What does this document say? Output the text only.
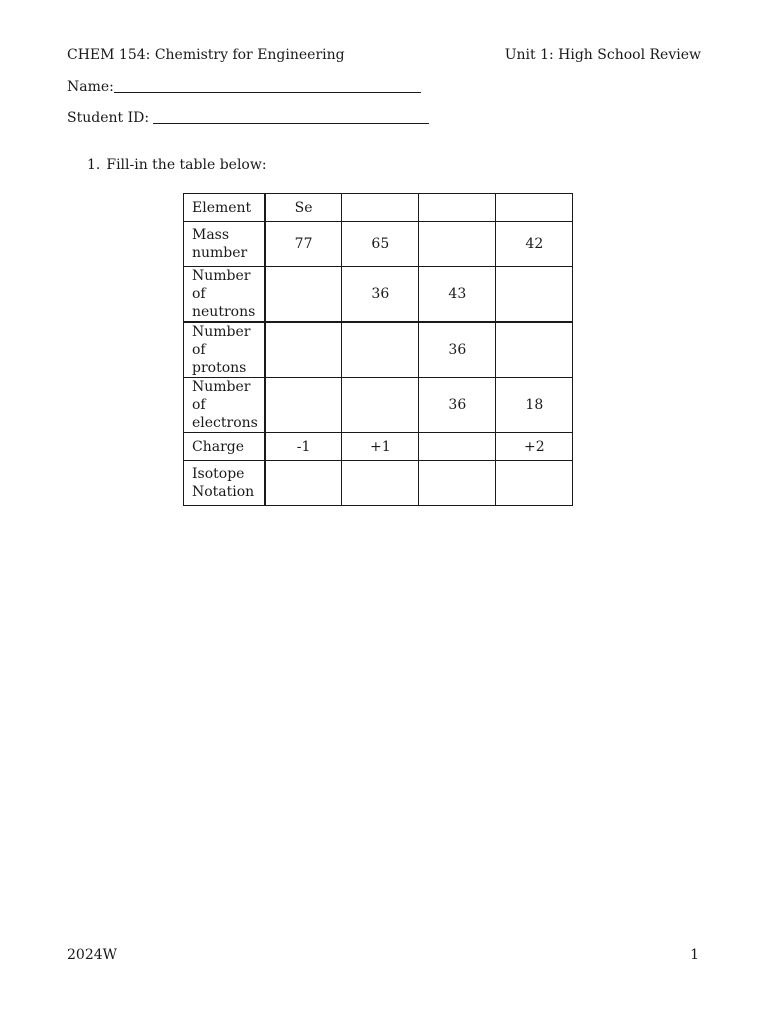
CHEM 154: Chemistry for Engineering	Unit 1: High School Review
Name:
Student ID:
1. Fill-in the table below:
Element	Se			
Mass number	77	65		42
Number of neutrons		36	43	
Number of protons			36	
Number of electrons			36	18
Charge	-1	+1		+2
Isotope Notation				
2024W	1
